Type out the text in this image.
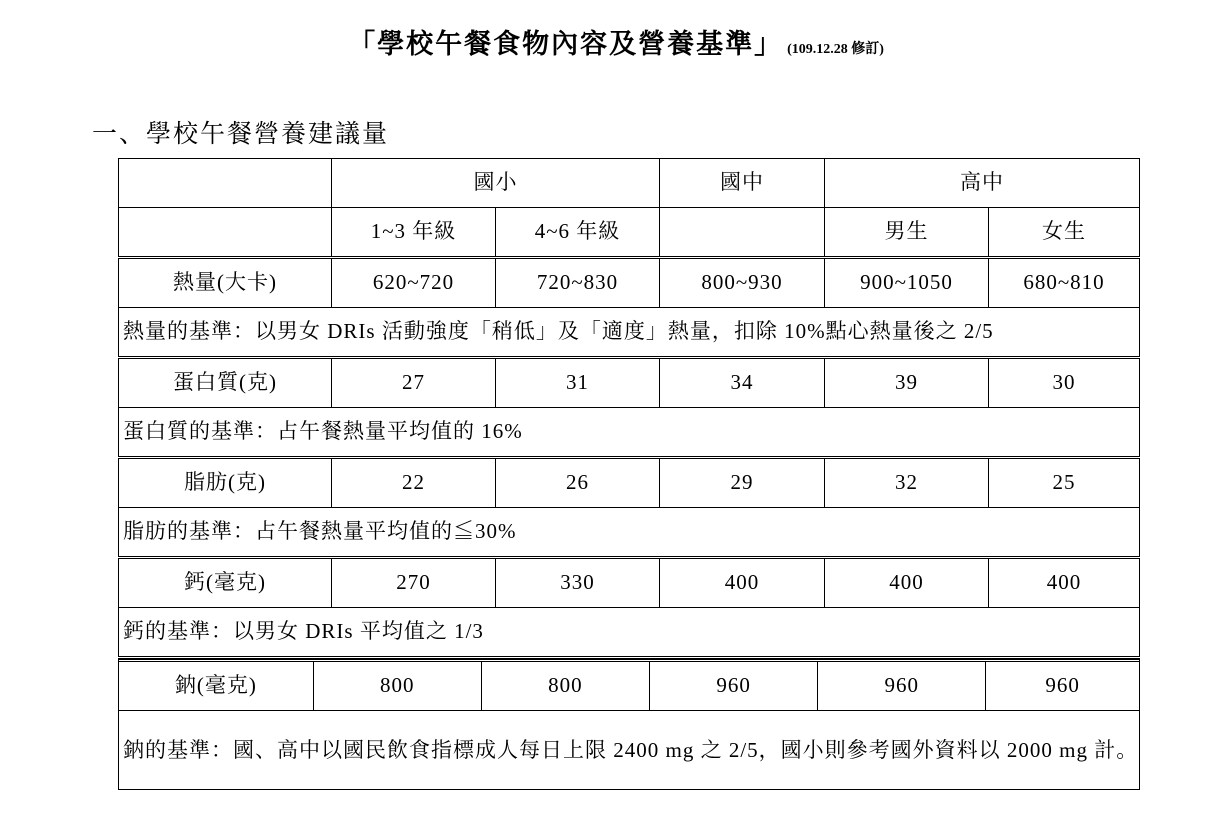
「學校午餐食物內容及營養基準」 (109.12.28 修訂)
一、學校午餐營養建議量
	國小	國中	高中
	1~3 年級	4~6 年級		男生	女生
熱量(大卡)	620~720	720~830	800~930	900~1050	680~810
熱量的基準：以男女 DRIs 活動強度「稍低」及「適度」熱量，扣除 10%點心熱量後之 2/5
蛋白質(克)	27	31	34	39	30
蛋白質的基準：占午餐熱量平均值的 16%
脂肪(克)	22	26	29	32	25
脂肪的基準：占午餐熱量平均值的≦30%
鈣(毫克)	270	330	400	400	400
鈣的基準：以男女 DRIs 平均值之 1/3

鈉(毫克)	800	800	960	960	960

鈉的基準：國、高中以國民飲食指標成人每日上限 2400 mg 之 2/5，國小則參考國外資料以 2000 mg 計。
